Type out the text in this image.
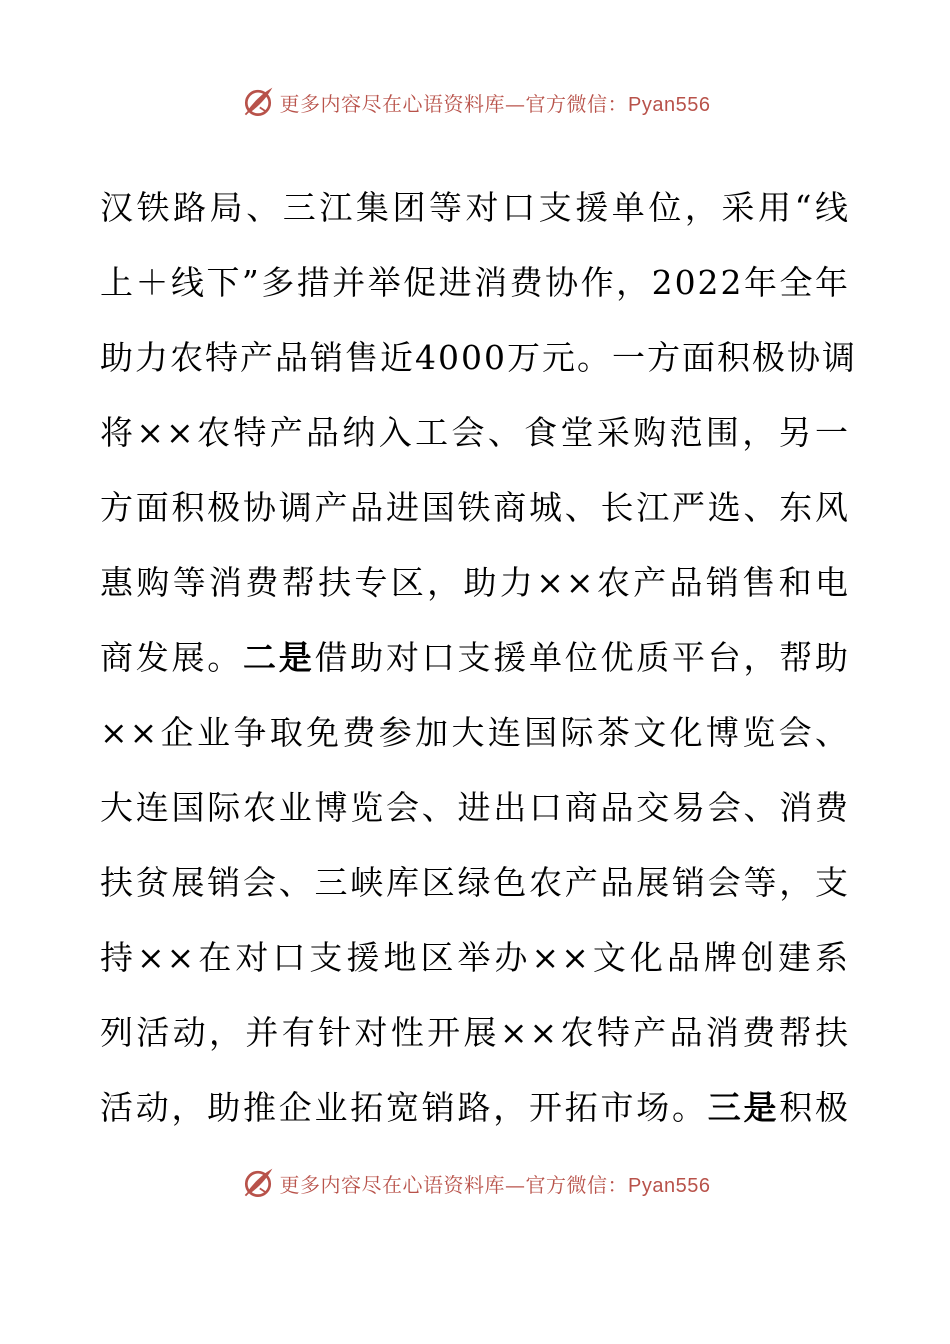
更多内容尽在心语资料库—官方微信：Pyan556
汉铁路局、三江集团等对口支援单位，采用“线
上＋线下”多措并举促进消费协作，2022年全年
助力农特产品销售近4000万元。一方面积极协调
将××农特产品纳入工会、食堂采购范围，另一
方面积极协调产品进国铁商城、长江严选、东风
惠购等消费帮扶专区，助力××农产品销售和电
商发展。二是借助对口支援单位优质平台，帮助
××企业争取免费参加大连国际茶文化博览会、
大连国际农业博览会、进出口商品交易会、消费
扶贫展销会、三峡库区绿色农产品展销会等，支
持××在对口支援地区举办××文化品牌创建系
列活动，并有针对性开展××农特产品消费帮扶
活动，助推企业拓宽销路，开拓市场。三是积极
更多内容尽在心语资料库—官方微信：Pyan556
